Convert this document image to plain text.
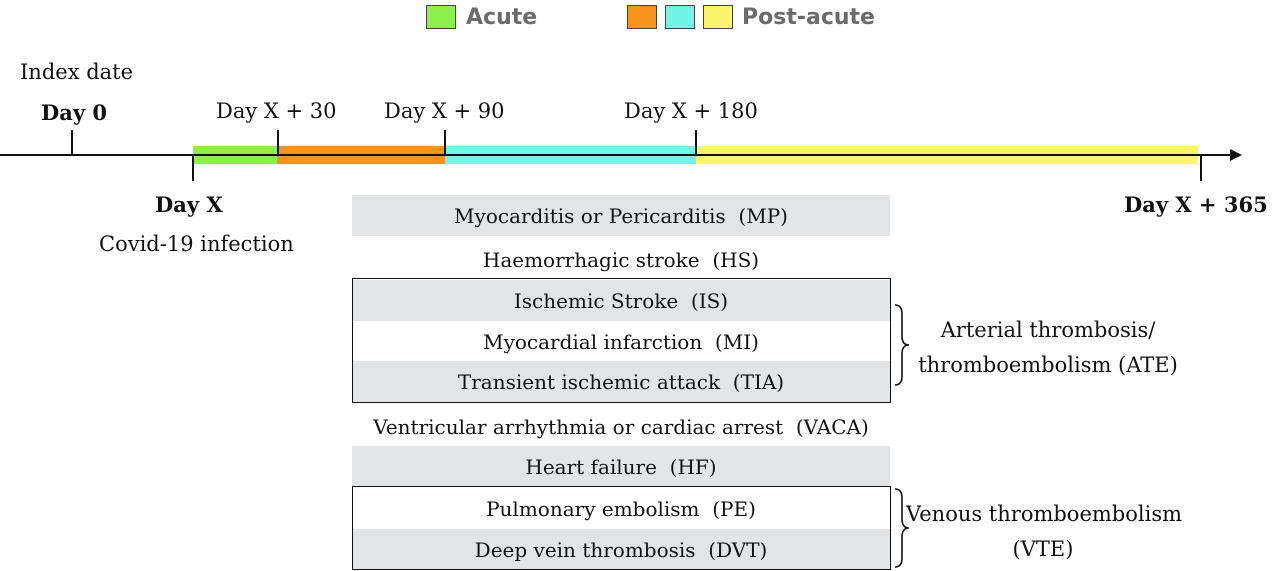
Acute	Post-acute
Index date
Day 0	Day X + 30 Day X + 90	Day X + 180
Day X
Covid-19 infection
Day X + 365
Myocarditis or Pericarditis  (MP)
Haemorrhagic stroke  (HS)
Ischemic Stroke  (IS)
Myocardial infarction  (MI)
Transient ischemic attack  (TIA)
Ventricular arrhythmia or cardiac arrest  (VACA)
Heart failure  (HF)
Pulmonary embolism  (PE)
Deep vein thrombosis  (DVT)
Arterial thrombosis/
thromboembolism (ATE)
Venous thromboembolism
(VTE)
